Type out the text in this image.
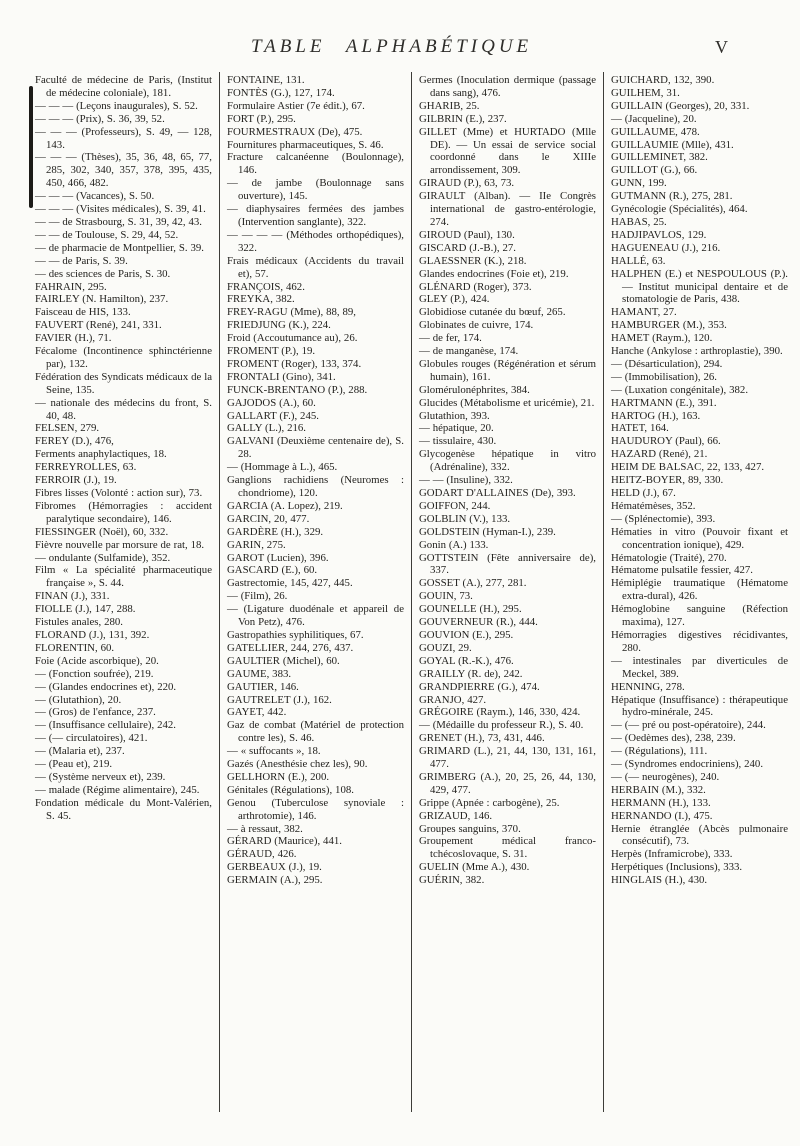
TABLE ALPHABÉTIQUE	V

Faculté de médecine de Paris, (Institut de médecine coloniale), 181.

— — — (Leçons inaugurales), S. 52.

— — — (Prix), S. 36, 39, 52.

— — — (Professeurs), S. 49, — 128, 143.

— — — (Thèses), 35, 36, 48, 65, 77, 285, 302, 340, 357, 378, 395, 435, 450, 466, 482.

— — — (Vacances), S. 50.

— — — (Visites médicales), S. 39, 41.

— — de Strasbourg, S. 31, 39, 42, 43.

— — de Toulouse, S. 29, 44, 52.

— de pharmacie de Montpellier, S. 39.

— — de Paris, S. 39.

— des sciences de Paris, S. 30.

FAHRAIN, 295.

FAIRLEY (N. Hamilton), 237.

Faisceau de HIS, 133.

FAUVERT (René), 241, 331.

FAVIER (H.), 71.

Fécalome (Incontinence sphinctérienne par), 132.

Fédération des Syndicats médicaux de la Seine, 135.

— nationale des médecins du front, S. 40, 48.

FELSEN, 279.

FEREY (D.), 476,

Ferments anaphylactiques, 18.

FERREYROLLES, 63.

FERROIR (J.), 19.

Fibres lisses (Volonté : action sur), 73.

Fibromes (Hémorragies : accident paralytique secondaire), 146.

FIESSINGER (Noël), 60, 332.

Fièvre nouvelle par morsure de rat, 18.

— ondulante (Sulfamide), 352.

Film « La spécialité pharmaceutique française », S. 44.

FINAN (J.), 331.

FIOLLE (J.), 147, 288.

Fistules anales, 280.

FLORAND (J.), 131, 392.

FLORENTIN, 60.

Foie (Acide ascorbique), 20.

— (Fonction soufrée), 219.

— (Glandes endocrines et), 220.

— (Glutathion), 20.

— (Gros) de l'enfance, 237.

— (Insuffisance cellulaire), 242.

— (— circulatoires), 421.

— (Malaria et), 237.

— (Peau et), 219.

— (Système nerveux et), 239.

— malade (Régime alimentaire), 245.

Fondation médicale du Mont-Valérien, S. 45.

FONTAINE, 131.

FONTÈS (G.), 127, 174.

Formulaire Astier (7e édit.), 67.

FORT (P.), 295.

FOURMESTRAUX (De), 475.

Fournitures pharmaceutiques, S. 46.

Fracture calcanéenne (Boulonnage), 146.

— de jambe (Boulonnage sans ouverture), 145.

— diaphysaires fermées des jambes (Intervention sanglante), 322.

— — — — (Méthodes orthopédiques), 322.

Frais médicaux (Accidents du travail et), 57.

FRANÇOIS, 462.

FREYKA, 382.

FREY-RAGU (Mme), 88, 89,

FRIEDJUNG (K.), 224.

Froid (Accoutumance au), 26.

FROMENT (P.), 19.

FROMENT (Roger), 133, 374.

FRONTALI (Gino), 341.

FUNCK-BRENTANO (P.), 288.

GAJODOS (A.), 60.

GALLART (F.), 245.

GALLY (L.), 216.

GALVANI (Deuxième centenaire de), S. 28.

— (Hommage à L.), 465.

Ganglions rachidiens (Neuromes : chondriome), 120.

GARCIA (A. Lopez), 219.

GARCIN, 20, 477.

GARDÈRE (H.), 329.

GARIN, 275.

GAROT (Lucien), 396.

GASCARD (E.), 60.

Gastrectomie, 145, 427, 445.

— (Film), 26.

— (Ligature duodénale et appareil de Von Petz), 476.

Gastropathies syphilitiques, 67.

GATELLIER, 244, 276, 437.

GAULTIER (Michel), 60.

GAUME, 383.

GAUTIER, 146.

GAUTRELET (J.), 162.

GAYET, 442.

Gaz de combat (Matériel de protection contre les), S. 46.

— « suffocants », 18.

Gazés (Anesthésie chez les), 90.

GELLHORN (E.), 200.

Génitales (Régulations), 108.

Genou (Tuberculose synoviale : arthrotomie), 146.

— à ressaut, 382.

GÉRARD (Maurice), 441.

GÉRAUD, 426.

GERBEAUX (J.), 19.

GERMAIN (A.), 295.

Germes (Inoculation dermique (passage dans sang), 476.

GHARIB, 25.

GILBRIN (E.), 237.

GILLET (Mme) et HURTADO (Mlle DE). — Un essai de service social coordonné dans le XIIIe arrondissement, 309.

GIRAUD (P.), 63, 73.

GIRAULT (Alban). — IIe Congrès international de gastro-entérologie, 274.

GIROUD (Paul), 130.

GISCARD (J.-B.), 27.

GLAESSNER (K.), 218.

Glandes endocrines (Foie et), 219.

GLÉNARD (Roger), 373.

GLEY (P.), 424.

Globidiose cutanée du bœuf, 265.

Globinates de cuivre, 174.

— de fer, 174.

— de manganèse, 174.

Globules rouges (Régénération et sérum humain), 161.

Glomérulonéphrites, 384.

Glucides (Métabolisme et uricémie), 21.

Glutathion, 393.

— hépatique, 20.

— tissulaire, 430.

Glycogenèse hépatique in vitro (Adrénaline), 332.

— — (Insuline), 332.

GODART D'ALLAINES (De), 393.

GOIFFON, 244.

GOLBLIN (V.), 133.

GOLDSTEIN (Hyman-I.), 239.

Gonin (A.) 133.

GOTTSTEIN (Fête anniversaire de), 337.

GOSSET (A.), 277, 281.

GOUIN, 73.

GOUNELLE (H.), 295.

GOUVERNEUR (R.), 444.

GOUVION (E.), 295.

GOUZI, 29.

GOYAL (R.-K.), 476.

GRAILLY (R. de), 242.

GRANDPIERRE (G.), 474.

GRANJO, 427.

GRÉGOIRE (Raym.), 146, 330, 424.

— (Médaille du professeur R.), S. 40.

GRENET (H.), 73, 431, 446.

GRIMARD (L.), 21, 44, 130, 131, 161, 477.

GRIMBERG (A.), 20, 25, 26, 44, 130, 429, 477.

Grippe (Apnée : carbogène), 25.

GRIZAUD, 146.

Groupes sanguins, 370.

Groupement médical franco-tchécoslovaque, S. 31.

GUELIN (Mme A.), 430.

GUÉRIN, 382.

GUICHARD, 132, 390.

GUILHEM, 31.

GUILLAIN (Georges), 20, 331.

— (Jacqueline), 20.

GUILLAUME, 478.

GUILLAUMIE (Mlle), 431.

GUILLEMINET, 382.

GUILLOT (G.), 66.

GUNN, 199.

GUTMANN (R.), 275, 281.

Gynécologie (Spécialités), 464.

HABAS, 25.

HADJIPAVLOS, 129.

HAGUENEAU (J.), 216.

HALLÉ, 63.

HALPHEN (E.) et NESPOULOUS (P.). — Institut municipal dentaire et de stomatologie de Paris, 438.

HAMANT, 27.

HAMBURGER (M.), 353.

HAMET (Raym.), 120.

Hanche (Ankylose : arthroplastie), 390.

— (Désarticulation), 294.

— (Immobilisation), 26.

— (Luxation congénitale), 382.

HARTMANN (E.), 391.

HARTOG (H.), 163.

HATET, 164.

HAUDUROY (Paul), 66.

HAZARD (René), 21.

HEIM DE BALSAC, 22, 133, 427.

HEITZ-BOYER, 89, 330.

HELD (J.), 67.

Hématémèses, 352.

— (Splénectomie), 393.

Hématies in vitro (Pouvoir fixant et concentration ionique), 429.

Hématologie (Traité), 270.

Hématome pulsatile fessier, 427.

Hémiplégie traumatique (Hématome extra-dural), 426.

Hémoglobine sanguine (Réfection maxima), 127.

Hémorragies digestives récidivantes, 280.

— intestinales par diverticules de Meckel, 389.

HENNING, 278.

Hépatique (Insuffisance) : thérapeutique hydro-minérale, 245.

— (— pré ou post-opératoire), 244.

— (Oedèmes des), 238, 239.

— (Régulations), 111.

— (Syndromes endocriniens), 240.

— (— neurogènes), 240.

HERBAIN (M.), 332.

HERMANN (H.), 133.

HERNANDO (I.), 475.

Hernie étranglée (Abcès pulmonaire consécutif), 73.

Herpès (Inframicrobe), 333.

Herpétiques (Inclusions), 333.

HINGLAIS (H.), 430.
